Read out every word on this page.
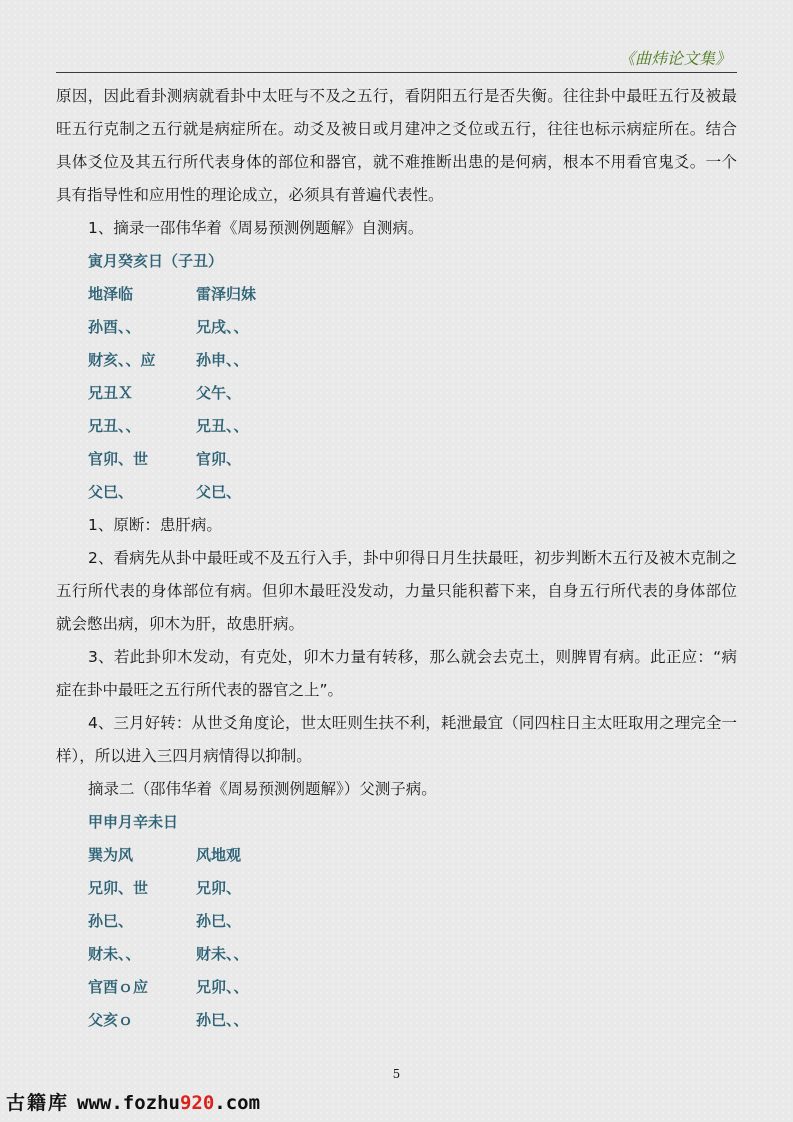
《曲炜论文集》

原因，因此看卦测病就看卦中太旺与不及之五行，看阴阳五行是否失衡。往往卦中最旺五行及被最旺五行克制之五行就是病症所在。动爻及被日或月建冲之爻位或五行，往往也标示病症所在。结合具体爻位及其五行所代表身体的部位和器官，就不难推断出患的是何病，根本不用看官鬼爻。一个具有指导性和应用性的理论成立，必须具有普遍代表性。

1、摘录一邵伟华着《周易预测例题解》自测病。

寅月癸亥日（子丑）
地泽临	雷泽归妹
孙酉、、	兄戌、、
财亥、、应	孙申、、
兄丑Ｘ	父午、
兄丑、、	兄丑、、
官卯、世	官卯、
父巳、	父巳、

1、原断：患肝病。

2、看病先从卦中最旺或不及五行入手，卦中卯得日月生扶最旺，初步判断木五行及被木克制之五行所代表的身体部位有病。但卯木最旺没发动，力量只能积蓄下来，自身五行所代表的身体部位就会憋出病，卯木为肝，故患肝病。

3、若此卦卯木发动，有克处，卯木力量有转移，那么就会去克土，则脾胃有病。此正应：“病症在卦中最旺之五行所代表的器官之上”。

4、三月好转：从世爻角度论，世太旺则生扶不利，耗泄最宜（同四柱日主太旺取用之理完全一样），所以进入三四月病情得以抑制。

摘录二（邵伟华着《周易预测例题解》）父测子病。

甲申月辛未日
巽为风	风地观
兄卯、世	兄卯、
孙巳、	孙巳、
财未、、	财未、、
官酉ｏ应	兄卯、、
父亥ｏ	孙巳、、
5
古籍库 www.fozhu920.com
